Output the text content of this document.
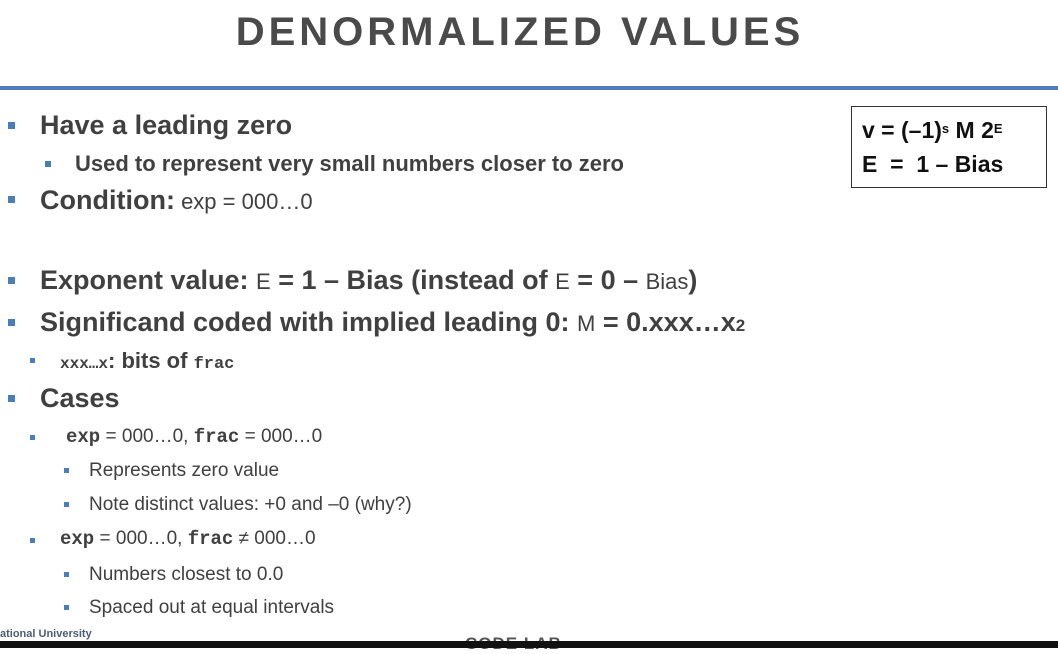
DENORMALIZED VALUES
$v = (-1)^s$ M $2^E$
E  =  1 – Bias
Have a leading zero
Used to represent very small numbers closer to zero
Condition: exp = 000…0
Exponent value: E = 1 – Bias (instead of E = 0 – Bias)
Significand coded with implied leading 0: M = 0.xxx…x2
xxx…x: bits of frac
Cases
exp = 000…0, frac = 000…0
Represents zero value
Note distinct values: +0 and –0 (why?)
exp = 000…0, frac ≠ 000…0
Numbers closest to 0.0
Spaced out at equal intervals
ational University
